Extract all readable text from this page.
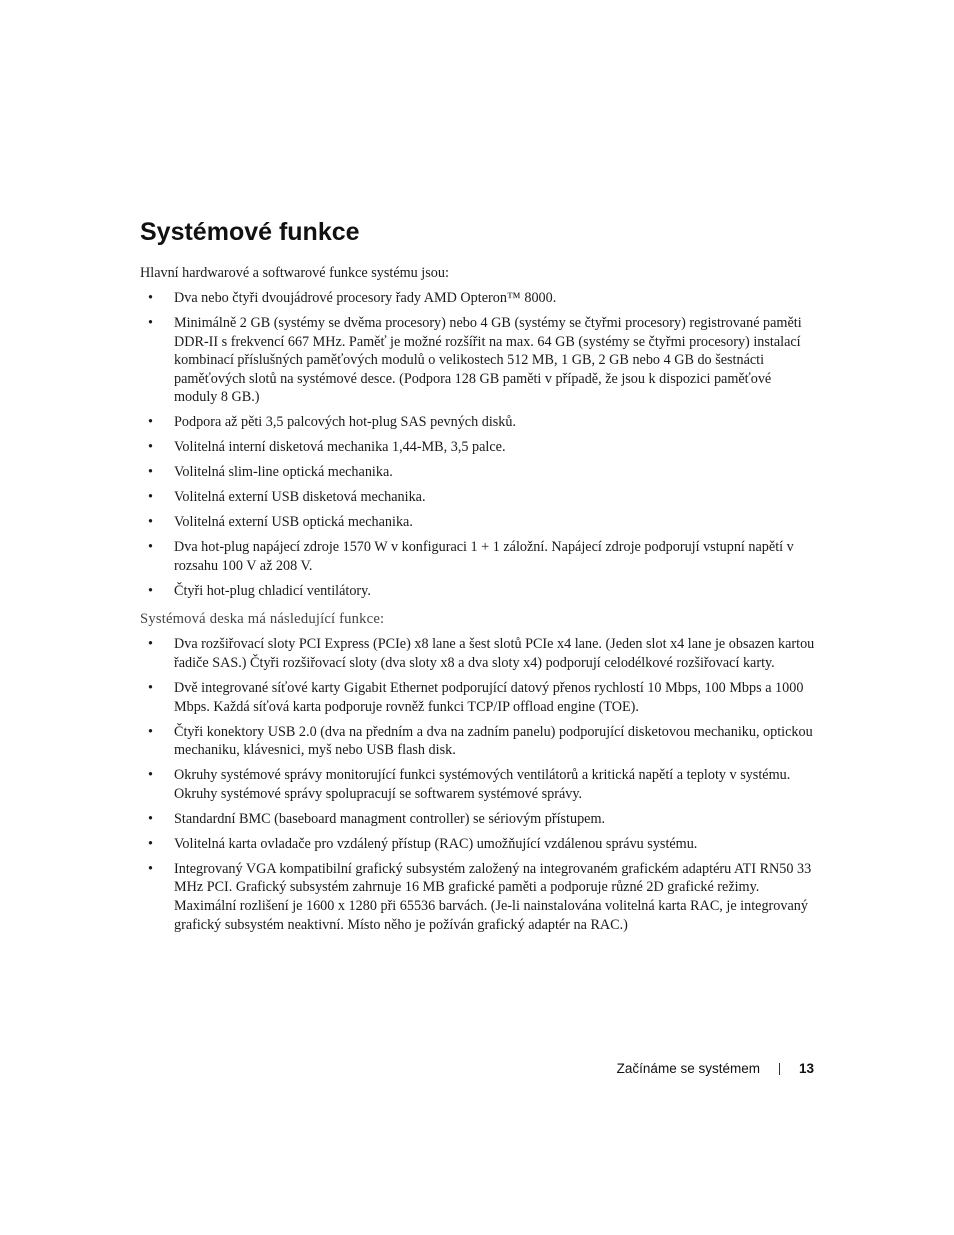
Systémové funkce

Hlavní hardwarové a softwarové funkce systému jsou:

• Dva nebo čtyři dvoujádrové procesory řady AMD Opteron™ 8000.
• Minimálně 2 GB (systémy se dvěma procesory) nebo 4 GB (systémy se čtyřmi procesory) registrované paměti DDR-II s frekvencí 667 MHz. Paměť je možné rozšířit na max. 64 GB (systémy se čtyřmi procesory) instalací kombinací příslušných paměťových modulů o velikostech 512 MB, 1 GB, 2 GB nebo 4 GB do šestnácti paměťových slotů na systémové desce. (Podpora 128 GB paměti v případě, že jsou k dispozici paměťové moduly 8 GB.)
• Podpora až pěti 3,5 palcových hot-plug SAS pevných disků.
• Volitelná interní disketová mechanika 1,44-MB, 3,5 palce.
• Volitelná slim-line optická mechanika.
• Volitelná externí USB disketová mechanika.
• Volitelná externí USB optická mechanika.
• Dva hot-plug napájecí zdroje 1570 W v konfiguraci 1 + 1 záložní. Napájecí zdroje podporují vstupní napětí v rozsahu 100 V až 208 V.
• Čtyři hot-plug chladicí ventilátory.
Systémová deska má následující funkce:
• Dva rozšiřovací sloty PCI Express (PCIe) x8 lane a šest slotů PCIe x4 lane. (Jeden slot x4 lane je obsazen kartou řadiče SAS.) Čtyři rozšiřovací sloty (dva sloty x8 a dva sloty x4) podporují celodélkové rozšiřovací karty.
• Dvě integrované síťové karty Gigabit Ethernet podporující datový přenos rychlostí 10 Mbps, 100 Mbps a 1000 Mbps. Každá síťová karta podporuje rovněž funkci TCP/IP offload engine (TOE).
• Čtyři konektory USB 2.0 (dva na předním a dva na zadním panelu) podporující disketovou mechaniku, optickou mechaniku, klávesnici, myš nebo USB flash disk.
• Okruhy systémové správy monitorující funkci systémových ventilátorů a kritická napětí a teploty v systému. Okruhy systémové správy spolupracují se softwarem systémové správy.
• Standardní BMC (baseboard managment controller) se sériovým přístupem.
• Volitelná karta ovladače pro vzdálený přístup (RAC) umožňující vzdálenou správu systému.
• Integrovaný VGA kompatibilní grafický subsystém založený na integrovaném grafickém adaptéru ATI RN50 33 MHz PCI. Grafický subsystém zahrnuje 16 MB grafické paměti a podporuje různé 2D grafické režimy. Maximální rozlišení je 1600 x 1280 při 65536 barvách. (Je-li nainstalována volitelná karta RAC, je integrovaný grafický subsystém neaktivní. Místo něho je požíván grafický adaptér na RAC.)
Začínáme se systémem	13
